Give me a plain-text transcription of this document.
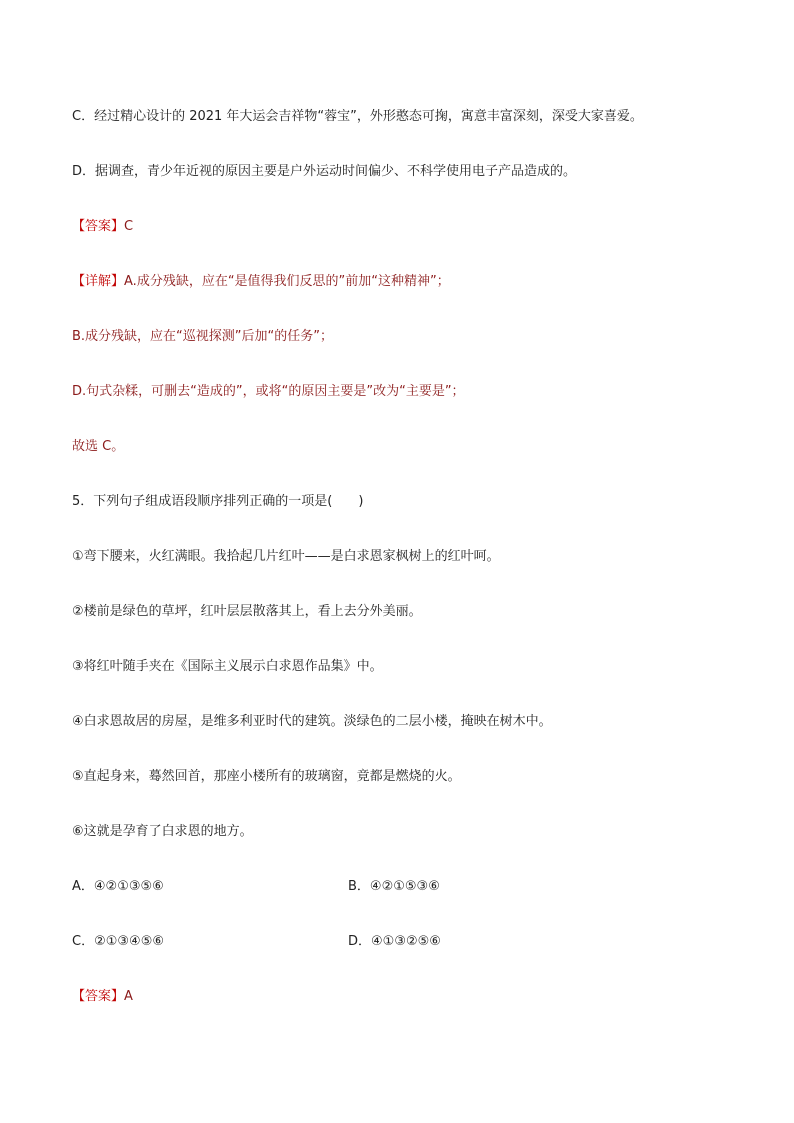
C．经过精心设计的 2021 年大运会吉祥物“蓉宝”，外形憨态可掬，寓意丰富深刻，深受大家喜爱。
D．据调查，青少年近视的原因主要是户外运动时间偏少、不科学使用电子产品造成的。
【答案】C
【详解】A.成分残缺，应在“是值得我们反思的”前加“这种精神”；
B.成分残缺，应在“巡视探测”后加“的任务”；
D.句式杂糅，可删去“造成的”，或将“的原因主要是”改为“主要是”；
故选 C。
5．下列句子组成语段顺序排列正确的一项是(　　)
①弯下腰来，火红满眼。我拾起几片红叶——是白求恩家枫树上的红叶呵。
②楼前是绿色的草坪，红叶层层散落其上，看上去分外美丽。
③将红叶随手夹在《国际主义展示白求恩作品集》中。
④白求恩故居的房屋，是维多利亚时代的建筑。淡绿色的二层小楼，掩映在树木中。
⑤直起身来，蓦然回首，那座小楼所有的玻璃窗，竟都是燃烧的火。
⑥这就是孕育了白求恩的地方。
A．④②①③⑤⑥	B．④②①⑤③⑥
C．②①③④⑤⑥	D．④①③②⑤⑥
【答案】A
